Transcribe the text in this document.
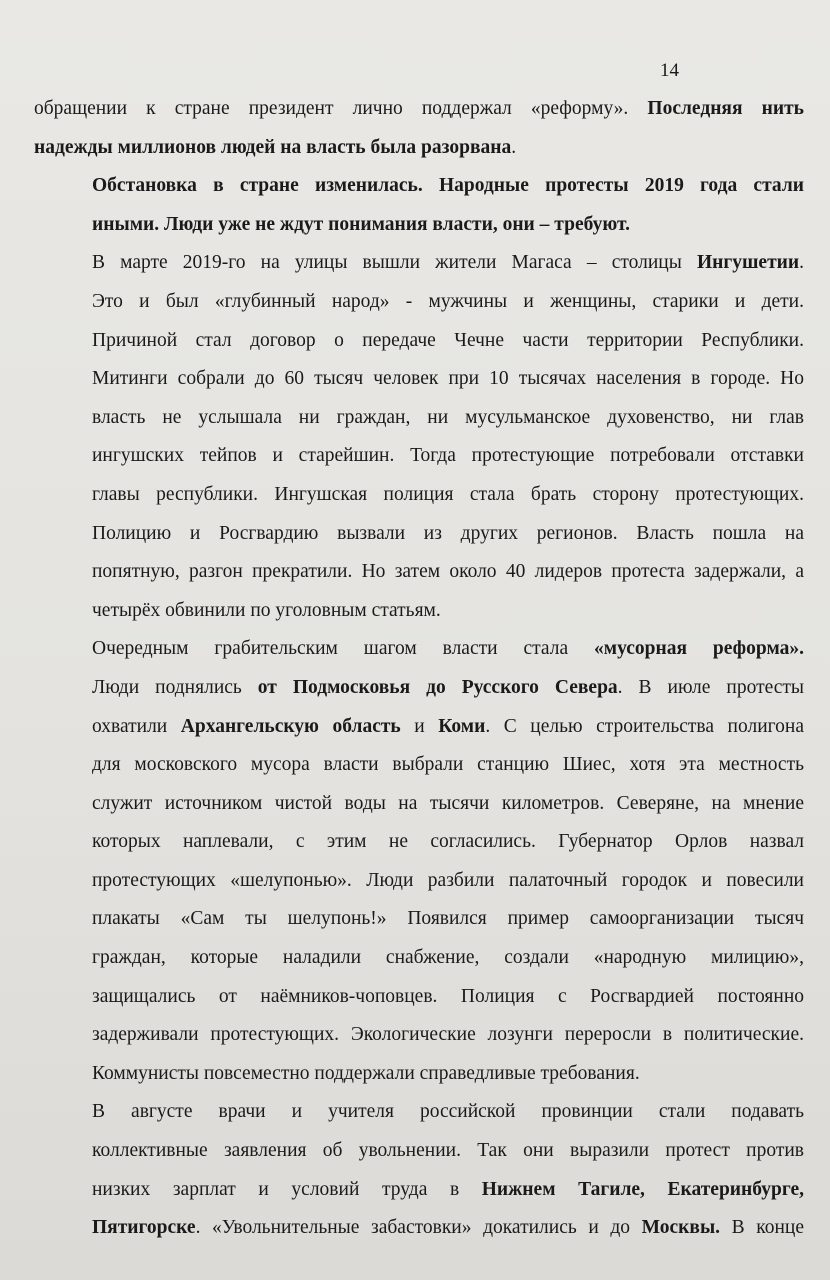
14

обращении к стране президент лично поддержал «реформу». Последняя нить
надежды миллионов людей на власть была разорвана.

Обстановка в стране изменилась. Народные протесты 2019 года стали
иными. Люди уже не ждут понимания власти, они – требуют.

В марте 2019-го на улицы вышли жители Магаса – столицы Ингушетии.
Это и был «глубинный народ» - мужчины и женщины, старики и дети.
Причиной стал договор о передаче Чечне части территории Республики.
Митинги собрали до 60 тысяч человек при 10 тысячах населения в городе. Но
власть не услышала ни граждан, ни мусульманское духовенство, ни глав
ингушских тейпов и старейшин. Тогда протестующие потребовали отставки
главы республики. Ингушская полиция стала брать сторону протестующих.
Полицию и Росгвардию вызвали из других регионов. Власть пошла на
попятную, разгон прекратили. Но затем около 40 лидеров протеста задержали, а
четырёх обвинили по уголовным статьям.

Очередным грабительским шагом власти стала «мусорная реформа».
Люди поднялись от Подмосковья до Русского Севера. В июле протесты
охватили Архангельскую область и Коми. С целью строительства полигона
для московского мусора власти выбрали станцию Шиес, хотя эта местность
служит источником чистой воды на тысячи километров. Северяне, на мнение
которых наплевали, с этим не согласились. Губернатор Орлов назвал
протестующих «шелупонью». Люди разбили палаточный городок и повесили
плакаты «Сам ты шелупонь!» Появился пример самоорганизации тысяч
граждан, которые наладили снабжение, создали «народную милицию»,
защищались от наёмников-чоповцев. Полиция с Росгвардией постоянно
задерживали протестующих. Экологические лозунги переросли в политические.
Коммунисты повсеместно поддержали справедливые требования.

В августе врачи и учителя российской провинции стали подавать
коллективные заявления об увольнении. Так они выразили протест против
низких зарплат и условий труда в Нижнем Тагиле, Екатеринбурге,
Пятигорске. «Увольнительные забастовки» докатились и до Москвы. В конце
